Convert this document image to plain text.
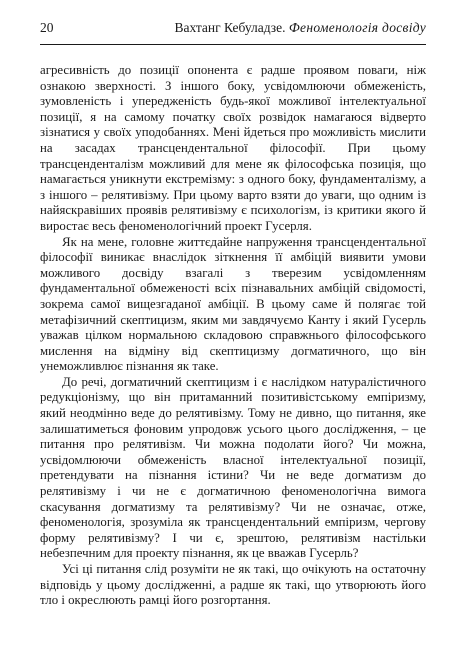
20	Вахтанг Кебуладзе. Феноменологія досвіду

агресивність до позиції опонента є радше проявом поваги, ніж ознакою зверхності. З іншого боку, усвідомлюючи обмеженість, зумовленість і упередженість будь-якої можливої інтелектуальної позиції, я на самому початку своїх розвідок намагаюся відверто зізнатися у своїх уподобаннях. Мені йдеться про можливість мислити на засадах трансцендентальної філософії. При цьому трансценденталізм можливий для мене як філософська позиція, що намагається уникнути екстремізму: з одного боку, фундаменталізму, а з іншого – релятивізму. При цьому варто взяти до уваги, що одним із найяскравіших проявів релятивізму є психологізм, із критики якого й виростає весь феноменологічний проект Гусерля.

Як на мене, головне життєдайне напруження трансцендентальної філософії виникає внаслідок зіткнення її амбіцій виявити умови можливого досвіду взагалі з тверезим усвідомленням фундаментальної обмеженості всіх пізнавальних амбіцій свідомості, зокрема самої вищезгаданої амбіції. В цьому саме й полягає той метафізичний скептицизм, яким ми завдячуємо Канту і який Гусерль уважав цілком нормальною складовою справжнього філософського мислення на відміну від скептицизму догматичного, що він унеможливлює пізнання як таке.

До речі, догматичний скептицизм і є наслідком натуралістичного редукціонізму, що він притаманний позитивістському емпіризму, який неодмінно веде до релятивізму. Тому не дивно, що питання, яке залишатиметься фоновим упродовж усього цього дослідження, – це питання про релятивізм. Чи можна подолати його? Чи можна, усвідомлюючи обмеженість власної інтелектуальної позиції, претендувати на пізнання істини? Чи не веде догматизм до релятивізму і чи не є догматичною феноменологічна вимога скасування догматизму та релятивізму? Чи не означає, отже, феноменологія, зрозуміла як трансцендентальний емпіризм, чергову форму релятивізму? І чи є, зрештою, релятивізм настільки небезпечним для проекту пізнання, як це вважав Гусерль?

Усі ці питання слід розуміти не як такі, що очікують на остаточну відповідь у цьому дослідженні, а радше як такі, що утворюють його тло і окреслюють рамці його розгортання.
